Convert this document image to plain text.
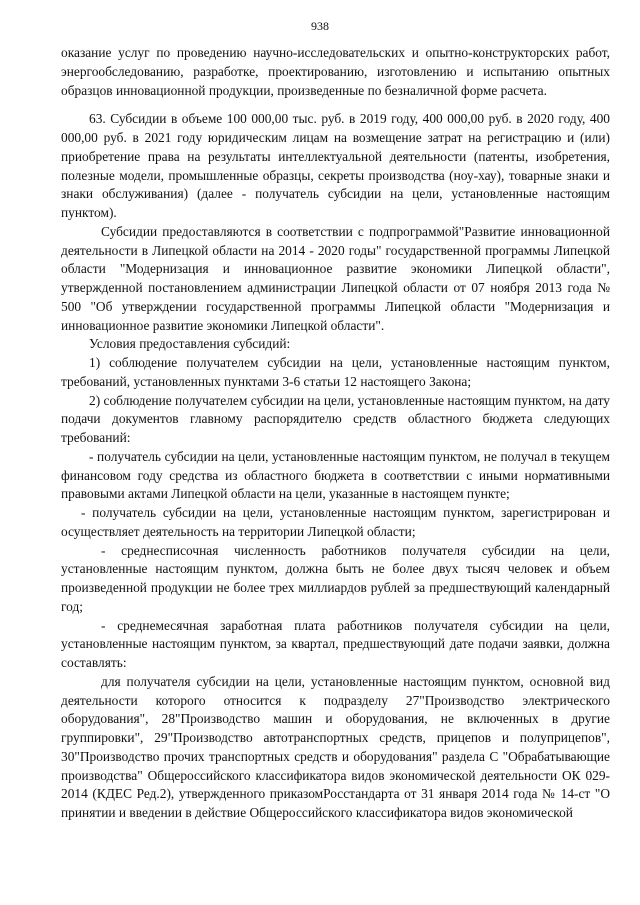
938

оказание услуг по проведению научно-исследовательских и опытно-конструкторских работ, энергообследованию, разработке, проектированию, изготовлению и испытанию опытных образцов инновационной продукции, произведенные по безналичной форме расчета.

63. Субсидии в объеме 100 000,00 тыс. руб. в 2019 году, 400 000,00 руб. в 2020 году, 400 000,00 руб. в 2021 году юридическим лицам на возмещение затрат на регистрацию и (или) приобретение права на результаты интеллектуальной деятельности (патенты, изобретения, полезные модели, промышленные образцы, секреты производства (ноу-хау), товарные знаки и знаки обслуживания) (далее - получатель субсидии на цели, установленные настоящим пунктом).

Субсидии предоставляются в соответствии с подпрограммой"Развитие инновационной деятельности в Липецкой области на 2014 - 2020 годы" государственной программы Липецкой области "Модернизация и инновационное развитие экономики Липецкой области", утвержденной постановлением администрации Липецкой области от 07 ноября 2013 года № 500 "Об утверждении государственной программы Липецкой области "Модернизация и инновационное развитие экономики Липецкой области".

Условия предоставления субсидий:

1) соблюдение получателем субсидии на цели, установленные настоящим пунктом, требований, установленных пунктами 3-6 статьи 12 настоящего Закона;

2) соблюдение получателем субсидии на цели, установленные настоящим пунктом, на дату подачи документов главному распорядителю средств областного бюджета следующих требований:

- получатель субсидии на цели, установленные настоящим пунктом, не получал в текущем финансовом году средства из областного бюджета в соответствии с иными нормативными правовыми актами Липецкой области на цели, указанные в настоящем пункте;

- получатель субсидии на цели, установленные настоящим пунктом, зарегистрирован и осуществляет деятельность на территории Липецкой области;

- среднесписочная численность работников получателя субсидии на цели, установленные настоящим пунктом, должна быть не более двух тысяч человек и объем произведенной продукции не более трех миллиардов рублей за предшествующий календарный год;

- среднемесячная заработная плата работников получателя субсидии на цели, установленные настоящим пунктом, за квартал, предшествующий дате подачи заявки, должна составлять:

для получателя субсидии на цели, установленные настоящим пунктом, основной вид деятельности которого относится к подразделу 27"Производство электрического оборудования", 28"Производство машин и оборудования, не включенных в другие группировки", 29"Производство автотранспортных средств, прицепов и полуприцепов", 30"Производство прочих транспортных средств и оборудования" раздела С "Обрабатывающие производства" Общероссийского классификатора видов экономической деятельности ОК 029-2014 (КДЕС Ред.2), утвержденного приказомРосстандарта от 31 января 2014 года № 14-ст "О принятии и введении в действие Общероссийского классификатора видов экономической
